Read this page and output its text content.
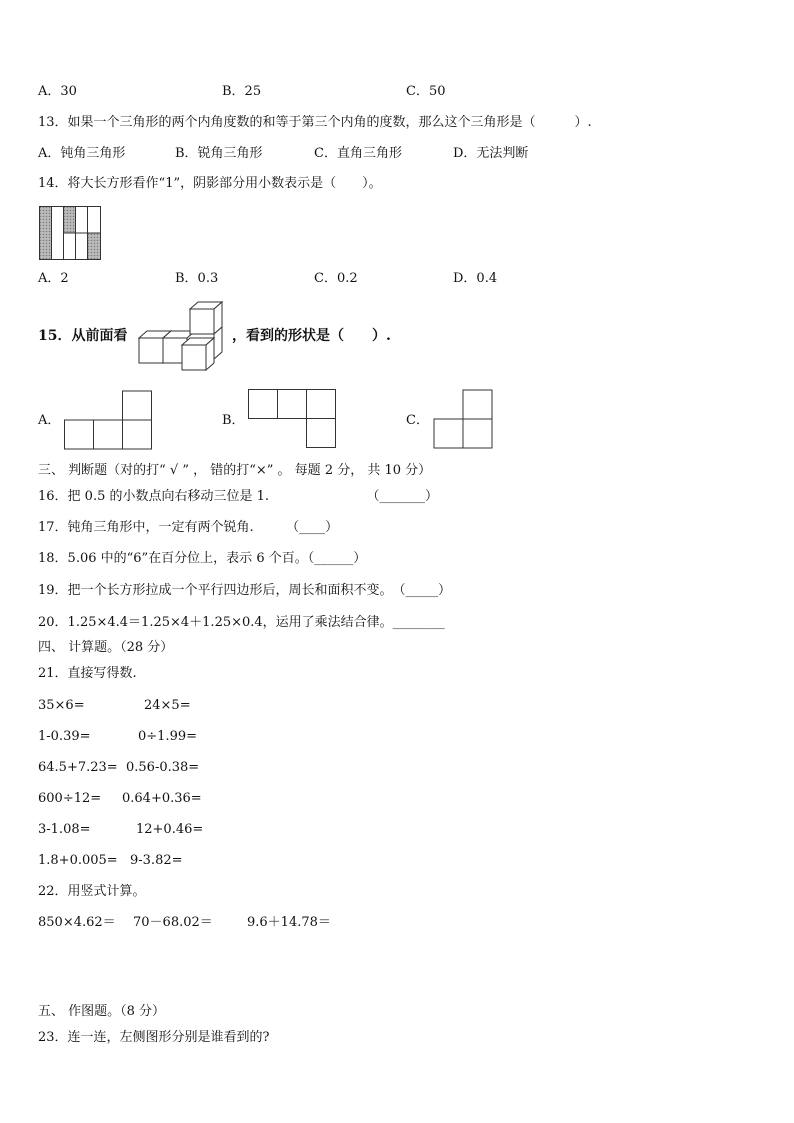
A．30	B．25	C．50
13．如果一个三角形的两个内角度数的和等于第三个内角的度数，那么这个三角形是（　　　）.
A．钝角三角形	B．锐角三角形	C．直角三角形	D．无法判断
14．将大长方形看作“1”，阴影部分用小数表示是（　　）。
A．2	B．0.3	C．0.2	D．0.4
15．从前面看	，看到的形状是（　　）.
A．	B．	C．
三、 判断题（对的打“ √ ” ， 错的打“×” 。 每题 2 分， 共 10 分）
16．把 0.5 的小数点向右移动三位是 1.　　　　　　　　（_______）
17．钝角三角形中，一定有两个锐角.　　　（____）
18．5.06 中的“6”在百分位上，表示 6 个百。（______）
19．把一个长方形拉成一个平行四边形后，周长和面积不变。　（_____）
20．1.25×4.4＝1.25×4＋1.25×0.4，运用了乘法结合律。________
四、 计算题。（28 分）
21．直接写得数.
35×6=	24×5=
1-0.39=	0÷1.99=
64.5+7.23= 0.56-0.38=
600÷12= 0.64+0.36=
3-1.08=	12+0.46=
1.8+0.005= 9-3.82=
22．用竖式计算。
850×4.62＝ 70－68.02＝	9.6＋14.78＝
五、 作图题。（8 分）
23．连一连，左侧图形分别是谁看到的?
